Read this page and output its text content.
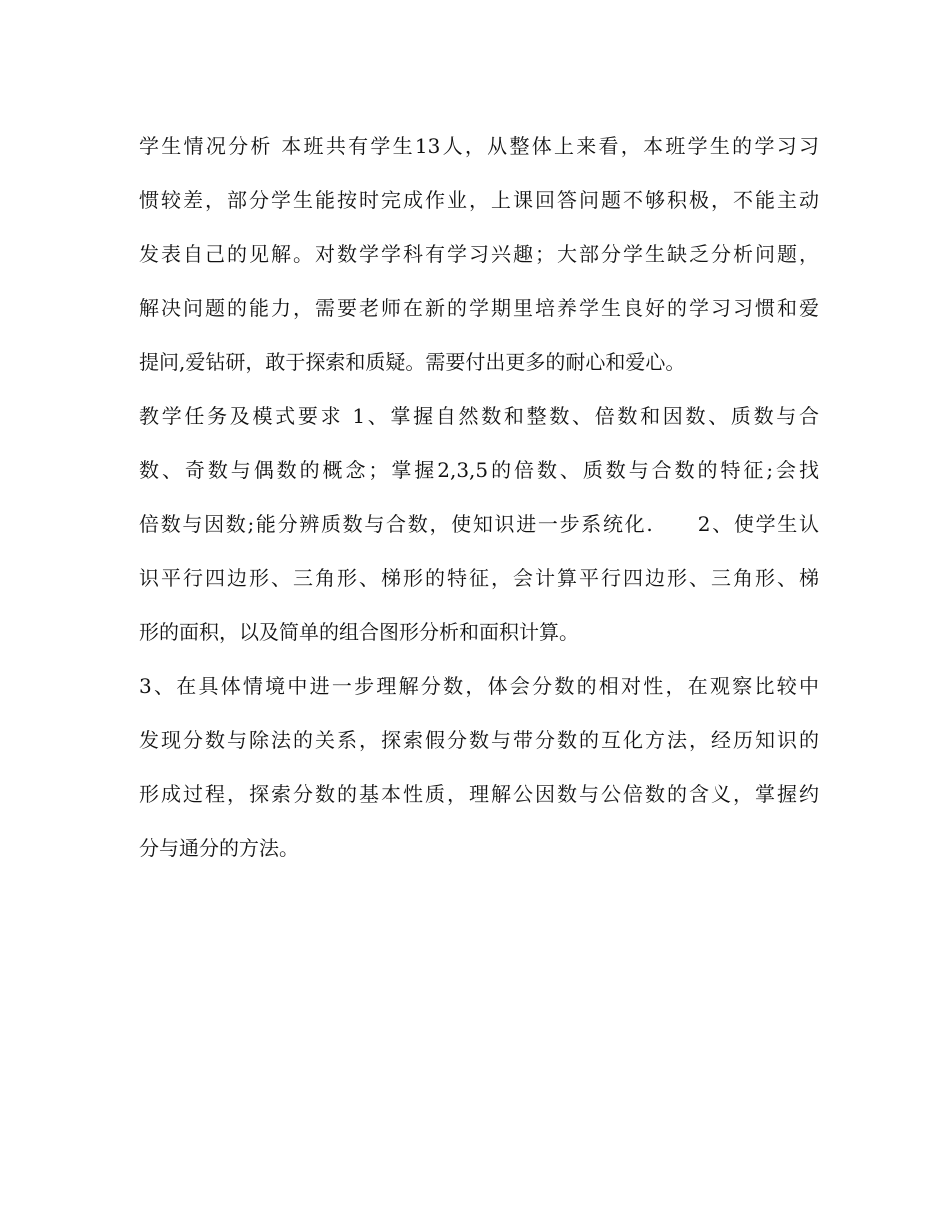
学生情况分析 本班共有学生13人，从整体上来看，本班学生的学习习
惯较差，部分学生能按时完成作业，上课回答问题不够积极，不能主动
发表自己的见解。对数学学科有学习兴趣；大部分学生缺乏分析问题，
解决问题的能力，需要老师在新的学期里培养学生良好的学习习惯和爱
提问,爱钻研，敢于探索和质疑。需要付出更多的耐心和爱心。
教学任务及模式要求 1、掌握自然数和整数、倍数和因数、质数与合
数、奇数与偶数的概念；掌握2,3,5的倍数、质数与合数的特征;会找
倍数与因数;能分辨质数与合数，使知识进一步系统化.　　2、使学生认
识平行四边形、三角形、梯形的特征，会计算平行四边形、三角形、梯
形的面积，以及简单的组合图形分析和面积计算。
3、在具体情境中进一步理解分数，体会分数的相对性，在观察比较中
发现分数与除法的关系，探索假分数与带分数的互化方法，经历知识的
形成过程，探索分数的基本性质，理解公因数与公倍数的含义，掌握约
分与通分的方法。
